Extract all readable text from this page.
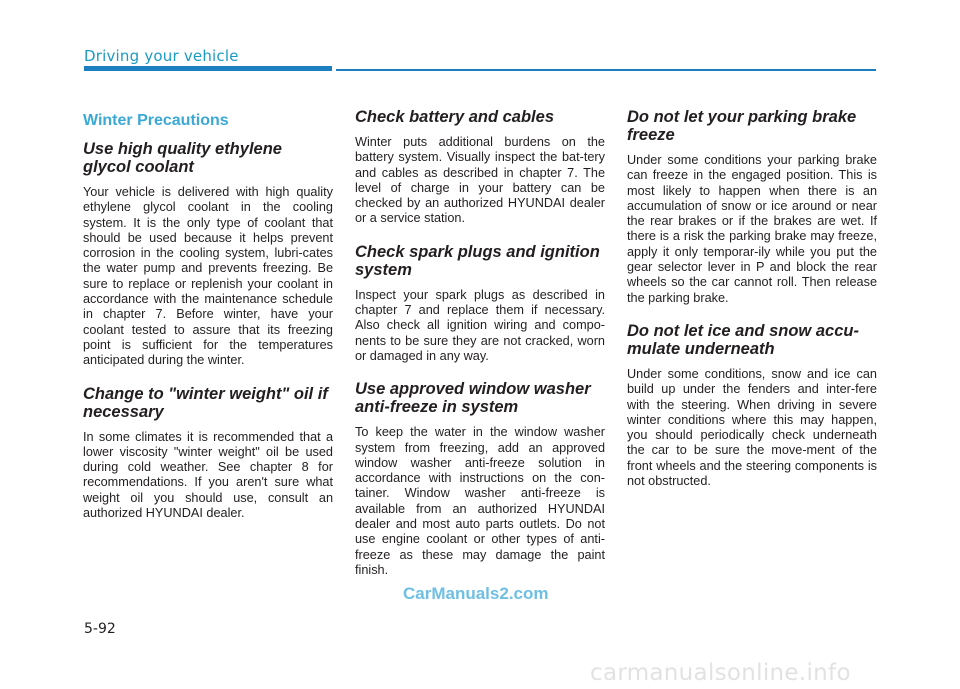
Driving your vehicle
Winter Precautions
Use high quality ethylene glycol coolant

Your vehicle is delivered with high quality ethylene glycol coolant in the cooling system. It is the only type of coolant that should be used because it helps prevent corrosion in the cooling system, lubri-cates the water pump and prevents freezing. Be sure to replace or replenish your coolant in accordance with the maintenance schedule in chapter 7. Before winter, have your coolant tested to assure that its freezing point is sufficient for the temperatures anticipated during the winter.

Change to "winter weight" oil if necessary

In some climates it is recommended that a lower viscosity "winter weight" oil be used during cold weather. See chapter 8 for recommendations. If you aren't sure what weight oil you should use, consult an authorized HYUNDAI dealer.

Check battery and cables

Winter puts additional burdens on the battery system. Visually inspect the bat-tery and cables as described in chapter 7. The level of charge in your battery can be checked by an authorized HYUNDAI dealer or a service station.

Check spark plugs and ignition system

Inspect your spark plugs as described in chapter 7 and replace them if necessary. Also check all ignition wiring and compo-nents to be sure they are not cracked, worn or damaged in any way.

Use approved window washer anti-freeze in system

To keep the water in the window washer system from freezing, add an approved window washer anti-freeze solution in accordance with instructions on the con-tainer. Window washer anti-freeze is available from an authorized HYUNDAI dealer and most auto parts outlets. Do not use engine coolant or other types of anti-freeze as these may damage the paint finish.

Do not let your parking brake freeze

Under some conditions your parking brake can freeze in the engaged position. This is most likely to happen when there is an accumulation of snow or ice around or near the rear brakes or if the brakes are wet. If there is a risk the parking brake may freeze, apply it only temporar-ily while you put the gear selector lever in P and block the rear wheels so the car cannot roll. Then release the parking brake.

Do not let ice and snow accu-mulate underneath

Under some conditions, snow and ice can build up under the fenders and inter-fere with the steering. When driving in severe winter conditions where this may happen, you should periodically check underneath the car to be sure the move-ment of the front wheels and the steering components is not obstructed.

CarManuals2.com
5-92
carmanualsonline.info
